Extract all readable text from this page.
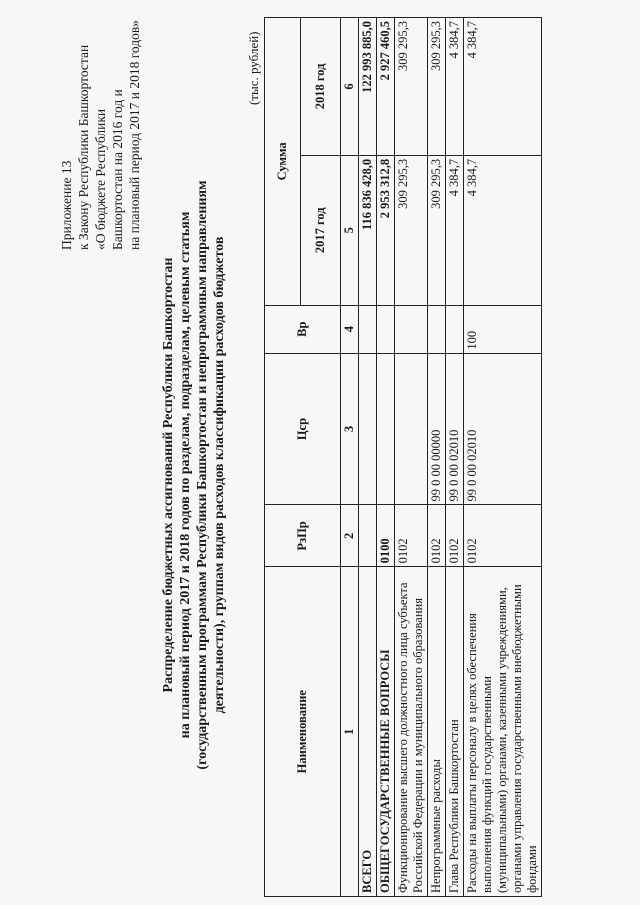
Приложение 13 к Закону Республики Башкортостан «О бюджете Республики Башкортостан на 2016 год и на плановый период 2017 и 2018 годов»
Распределение бюджетных ассигнований Республики Башкортостан на плановый период 2017 и 2018 годов по разделам, подразделам, целевым статьям (государственным программам Республики Башкортостан и непрограммным направлениям деятельности), группам видов расходов классификации расходов бюджетов
(тыс. рублей)
Наименование	РзПр	Цср	Вр	Сумма	
				2017 год	2018 год
1	2	3	4	5	6
ВСЕГО				116 836 428,0	122 993 885,0
ОБЩЕГОСУДАРСТВЕННЫЕ ВОПРОСЫ	0100			2 953 312,8	2 927 460,5
Функционирование высшего должностного лица субъекта Российской Федерации и муниципального образования	0102			309 295,3	309 295,3
Непрограммные расходы	0102	99 0 00 00000		309 295,3	309 295,3
Глава Республики Башкортостан	0102	99 0 00 02010		4 384,7	4 384,7
Расходы на выплаты персоналу в целях обеспечения выполнения функций государственными (муниципальными) органами, казенными учреждениями, органами управления государственными внебюджетными фондами	0102	99 0 00 02010	100	4 384,7	4 384,7
